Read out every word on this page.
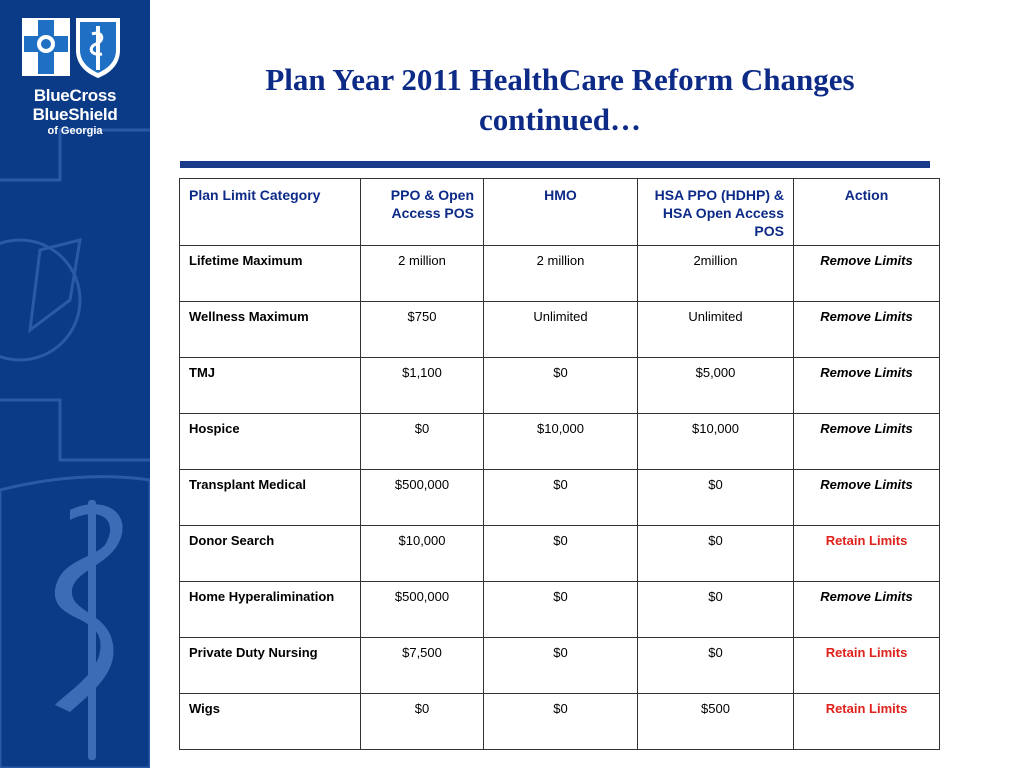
BlueCross
BlueShield
of Georgia
Plan Year 2011 HealthCare Reform Changes
continued…
Plan Limit Category	PPO & Open Access POS	HMO	HSA PPO (HDHP) & HSA Open Access POS	Action
Lifetime Maximum	2 million	2 million	2million	Remove Limits
Wellness Maximum	$750	Unlimited	Unlimited	Remove Limits
TMJ	$1,100	$0	$5,000	Remove Limits
Hospice	$0	$10,000	$10,000	Remove Limits
Transplant Medical	$500,000	$0	$0	Remove Limits
Donor Search	$10,000	$0	$0	Retain Limits
Home Hyperalimination	$500,000	$0	$0	Remove Limits
Private Duty Nursing	$7,500	$0	$0	Retain Limits
Wigs	$0	$0	$500	Retain Limits
